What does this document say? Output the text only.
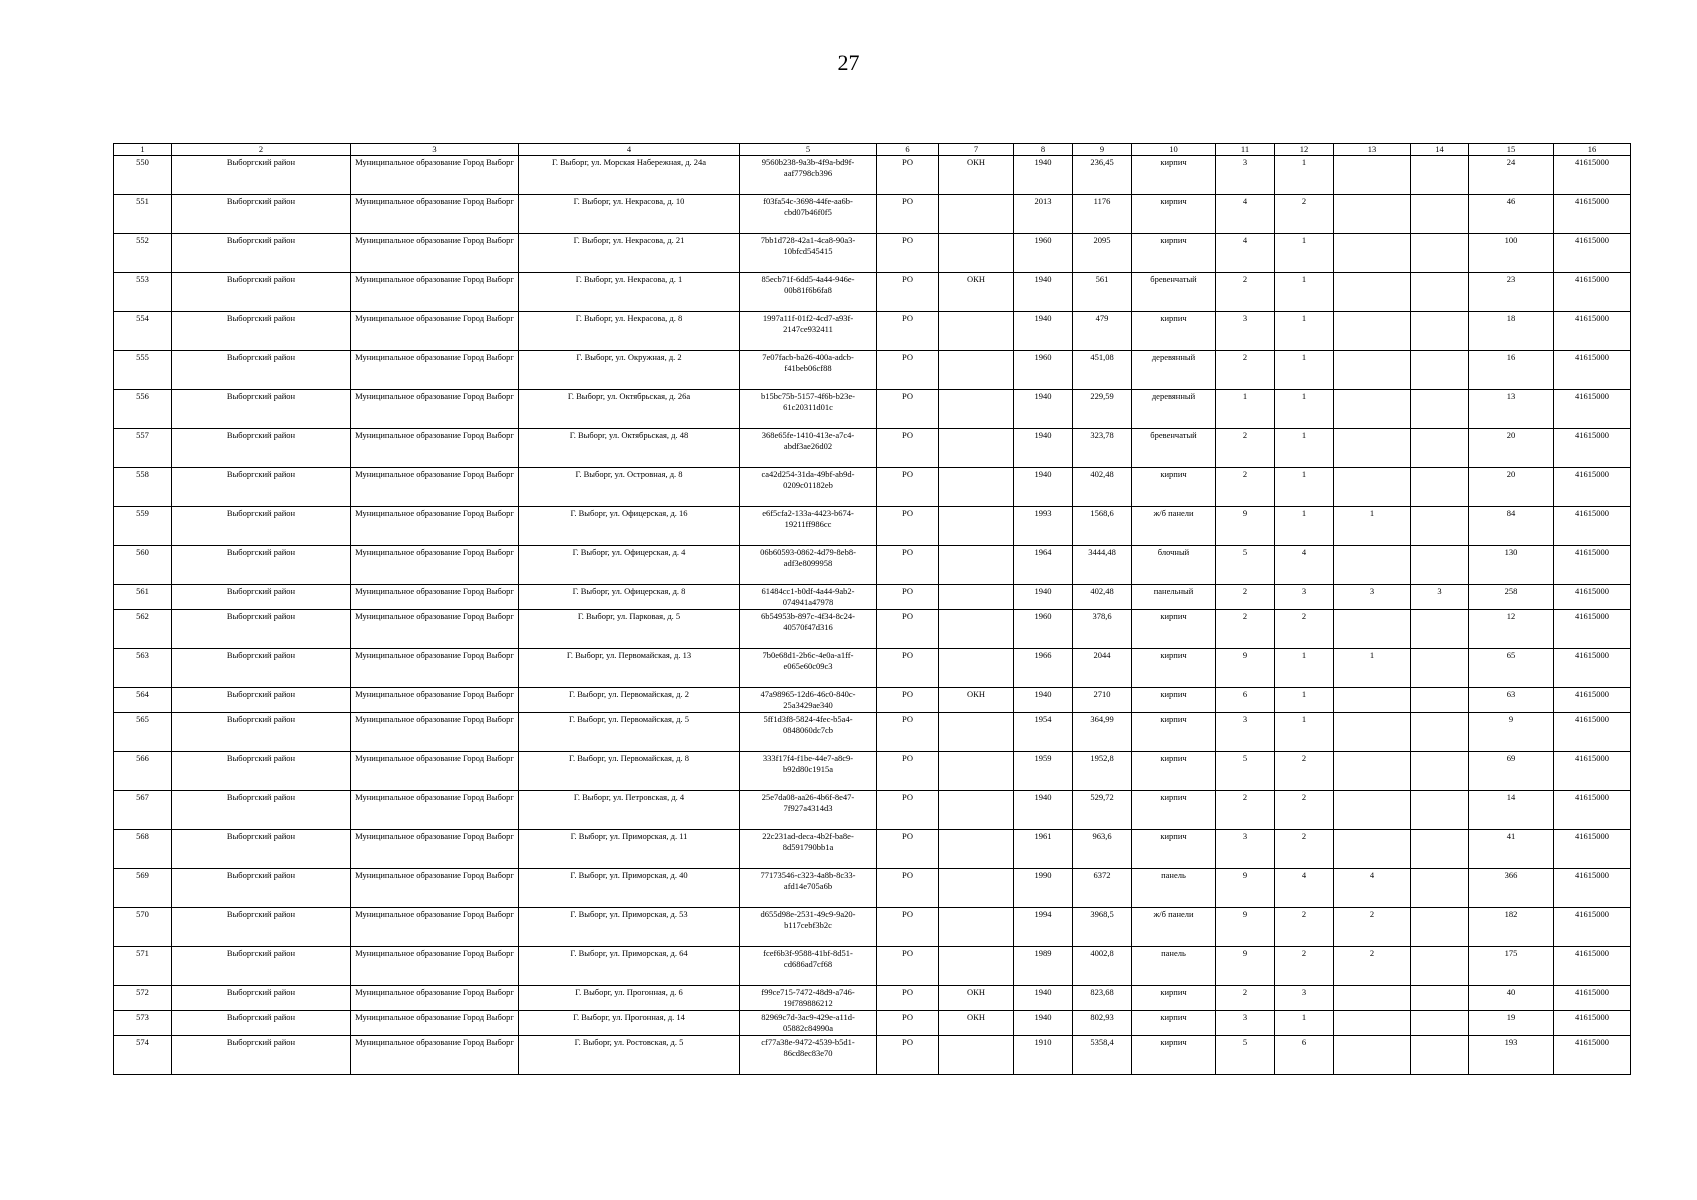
27
1	2	3	4	5	6	7	8	9	10	11	12	13	14	15	16
550	Выборгский район	Муниципальное образование Город Выборг	Г. Выборг, ул. Морская Набережная, д. 24а	9560b238-9a3b-4f9a-bd9f-aaf7798cb396	РО	ОКН	1940	236,45	кирпич	3	1			24	41615000
551	Выборгский район	Муниципальное образование Город Выборг	Г. Выборг, ул. Некрасова, д. 10	f03fa54c-3698-44fe-aa6b-cbd07b46f0f5	РО		2013	1176	кирпич	4	2			46	41615000
552	Выборгский район	Муниципальное образование Город Выборг	Г. Выборг, ул. Некрасова, д. 21	7bb1d728-42a1-4ca8-90a3-10bfcd545415	РО		1960	2095	кирпич	4	1			100	41615000
553	Выборгский район	Муниципальное образование Город Выборг	Г. Выборг, ул. Некрасова, д. 1	85ecb71f-6dd5-4a44-946e-00b81f6b6fa8	РО	ОКН	1940	561	бревенчатый	2	1			23	41615000
554	Выборгский район	Муниципальное образование Город Выборг	Г. Выборг, ул. Некрасова, д. 8	1997a11f-01f2-4cd7-a93f-2147ce932411	РО		1940	479	кирпич	3	1			18	41615000
555	Выборгский район	Муниципальное образование Город Выборг	Г. Выборг, ул. Окружная, д. 2	7e07facb-ba26-400a-adcb-f41beb06cf88	РО		1960	451,08	деревянный	2	1			16	41615000
556	Выборгский район	Муниципальное образование Город Выборг	Г. Выборг, ул. Октябрьская, д. 26а	b15bc75b-5157-4f6b-b23e-61c20311d01c	РО		1940	229,59	деревянный	1	1			13	41615000
557	Выборгский район	Муниципальное образование Город Выборг	Г. Выборг, ул. Октябрьская, д. 48	368e65fe-1410-413e-a7c4-abdf3ae26d02	РО		1940	323,78	бревенчатый	2	1			20	41615000
558	Выборгский район	Муниципальное образование Город Выборг	Г. Выборг, ул. Островная, д. 8	ca42d254-31da-49bf-ab9d-0209c01182eb	РО		1940	402,48	кирпич	2	1			20	41615000
559	Выборгский район	Муниципальное образование Город Выборг	Г. Выборг, ул. Офицерская, д. 16	e6f5cfa2-133a-4423-b674-19211ff986cc	РО		1993	1568,6	ж/б панели	9	1	1		84	41615000
560	Выборгский район	Муниципальное образование Город Выборг	Г. Выборг, ул. Офицерская, д. 4	06b60593-0862-4d79-8eb8-adf3e8099958	РО		1964	3444,48	блочный	5	4			130	41615000
561	Выборгский район	Муниципальное образование Город Выборг	Г. Выборг, ул. Офицерская, д. 8	61484cc1-b0df-4a44-9ab2-074941a47978	РО		1940	402,48	панельный	2	3	3	3	258	41615000
562	Выборгский район	Муниципальное образование Город Выборг	Г. Выборг, ул. Парковая, д. 5	6b54953b-897c-4f34-8c24-40570f47d316	РО		1960	378,6	кирпич	2	2			12	41615000
563	Выборгский район	Муниципальное образование Город Выборг	Г. Выборг, ул. Первомайская, д. 13	7b0e68d1-2b6c-4e0a-a1ff-e065e60c09c3	РО		1966	2044	кирпич	9	1	1		65	41615000
564	Выборгский район	Муниципальное образование Город Выборг	Г. Выборг, ул. Первомайская, д. 2	47a98965-12d6-46c0-840c-25a3429ae340	РО	ОКН	1940	2710	кирпич	6	1			63	41615000
565	Выборгский район	Муниципальное образование Город Выборг	Г. Выборг, ул. Первомайская, д. 5	5ff1d3f8-5824-4fec-b5a4-0848060dc7cb	РО		1954	364,99	кирпич	3	1			9	41615000
566	Выборгский район	Муниципальное образование Город Выборг	Г. Выборг, ул. Первомайская, д. 8	333f17f4-f1be-44e7-a8c9-b92d80c1915a	РО		1959	1952,8	кирпич	5	2			69	41615000
567	Выборгский район	Муниципальное образование Город Выборг	Г. Выборг, ул. Петровская, д. 4	25e7da08-aa26-4b6f-8e47-7f927a4314d3	РО		1940	529,72	кирпич	2	2			14	41615000
568	Выборгский район	Муниципальное образование Город Выборг	Г. Выборг, ул. Приморская, д. 11	22c231ad-deca-4b2f-ba8e-8d591790bb1a	РО		1961	963,6	кирпич	3	2			41	41615000
569	Выборгский район	Муниципальное образование Город Выборг	Г. Выборг, ул. Приморская, д. 40	77173546-c323-4a8b-8c33-afd14e705a6b	РО		1990	6372	панель	9	4	4		366	41615000
570	Выборгский район	Муниципальное образование Город Выборг	Г. Выборг, ул. Приморская, д. 53	d655d98e-2531-49c9-9a20-b117cebf3b2c	РО		1994	3968,5	ж/б панели	9	2	2		182	41615000
571	Выборгский район	Муниципальное образование Город Выборг	Г. Выборг, ул. Приморская, д. 64	fcef6b3f-9588-41bf-8d51-cd686ad7cf68	РО		1989	4002,8	панель	9	2	2		175	41615000
572	Выборгский район	Муниципальное образование Город Выборг	Г. Выборг, ул. Прогонная, д. 6	f99ce715-7472-48d9-a746-19f789886212	РО	ОКН	1940	823,68	кирпич	2	3			40	41615000
573	Выборгский район	Муниципальное образование Город Выборг	Г. Выборг, ул. Прогонная, д. 14	82969c7d-3ac9-429e-a11d-05882c84990a	РО	ОКН	1940	802,93	кирпич	3	1			19	41615000
574	Выборгский район	Муниципальное образование Город Выборг	Г. Выборг, ул. Ростовская, д. 5	cf77a38e-9472-4539-b5d1-86cd8ec83e70	РО		1910	5358,4	кирпич	5	6			193	41615000
